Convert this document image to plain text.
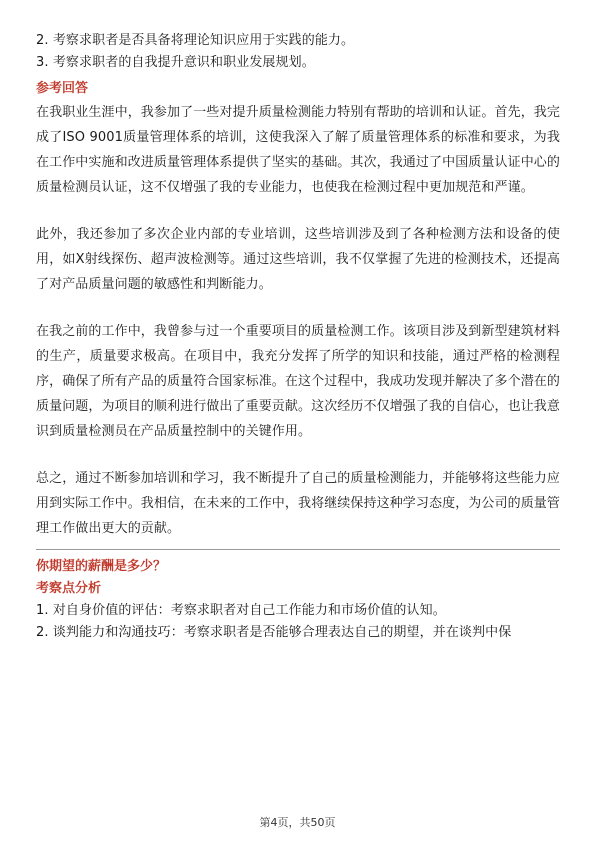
2. 考察求职者是否具备将理论知识应用于实践的能力。
3. 考察求职者的自我提升意识和职业发展规划。
参考回答

在我职业生涯中，我参加了一些对提升质量检测能力特别有帮助的培训和认证。首先，我完成了ISO 9001质量管理体系的培训，这使我深入了解了质量管理体系的标准和要求，为我在工作中实施和改进质量管理体系提供了坚实的基础。其次，我通过了中国质量认证中心的质量检测员认证，这不仅增强了我的专业能力，也使我在检测过程中更加规范和严谨。

此外，我还参加了多次企业内部的专业培训，这些培训涉及到了各种检测方法和设备的使用，如X射线探伤、超声波检测等。通过这些培训，我不仅掌握了先进的检测技术，还提高了对产品质量问题的敏感性和判断能力。

在我之前的工作中，我曾参与过一个重要项目的质量检测工作。该项目涉及到新型建筑材料的生产，质量要求极高。在项目中，我充分发挥了所学的知识和技能，通过严格的检测程序，确保了所有产品的质量符合国家标准。在这个过程中，我成功发现并解决了多个潜在的质量问题，为项目的顺利进行做出了重要贡献。这次经历不仅增强了我的自信心，也让我意识到质量检测员在产品质量控制中的关键作用。

总之，通过不断参加培训和学习，我不断提升了自己的质量检测能力，并能够将这些能力应用到实际工作中。我相信，在未来的工作中，我将继续保持这种学习态度，为公司的质量管理工作做出更大的贡献。

你期望的薪酬是多少？
考察点分析
1. 对自身价值的评估：考察求职者对自己工作能力和市场价值的认知。
2. 谈判能力和沟通技巧：考察求职者是否能够合理表达自己的期望，并在谈判中保
第4页，共50页
